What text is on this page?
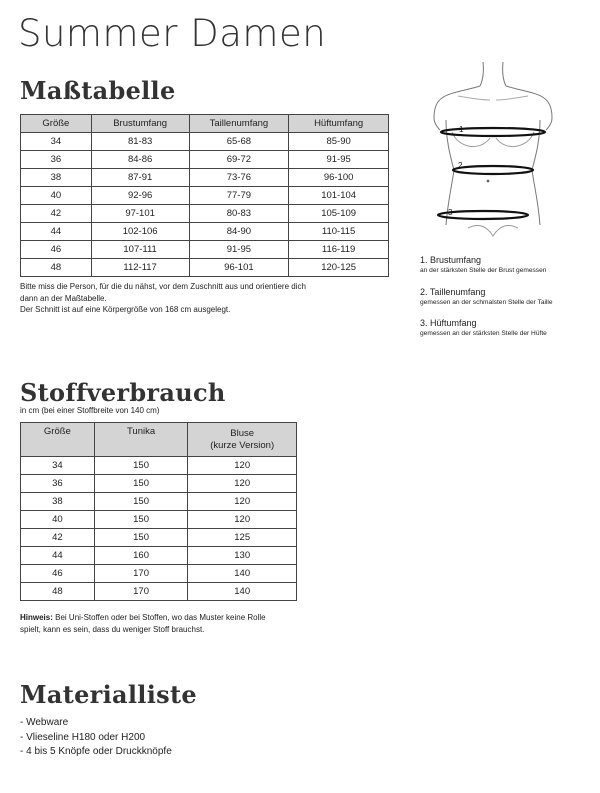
Summer Damen
Maßtabelle
Größe	Brustumfang	Taillenumfang	Hüftumfang
34	81-83	65-68	85-90
36	84-86	69-72	91-95
38	87-91	73-76	96-100
40	92-96	77-79	101-104
42	97-101	80-83	105-109
44	102-106	84-90	110-115
46	107-111	91-95	116-119
48	112-117	96-101	120-125
Bitte miss die Person, für die du nähst, vor dem Zuschnitt aus und orientiere dich
dann an der Maßtabelle.
Der Schnitt ist auf eine Körpergröße von 168 cm ausgelegt.
1
2
3
1. Brustumfang
an der stärksten Stelle der Brust gemessen
2. Taillenumfang
gemessen an der schmalsten Stelle der Taille
3. Hüftumfang
gemessen an der stärksten Stelle der Hüfte
Stoffverbrauch
in cm (bei einer Stoffbreite von 140 cm)
Größe	Tunika	Bluse
(kurze Version)

34	150	120
36	150	120
38	150	120
40	150	120
42	150	125
44	160	130
46	170	140
48	170	140
Hinweis: Bei Uni-Stoffen oder bei Stoffen, wo das Muster keine Rolle
spielt, kann es sein, dass du weniger Stoff brauchst.
Materialliste
- Webware
- Vlieseline H180 oder H200
- 4 bis 5 Knöpfe oder Druckknöpfe
